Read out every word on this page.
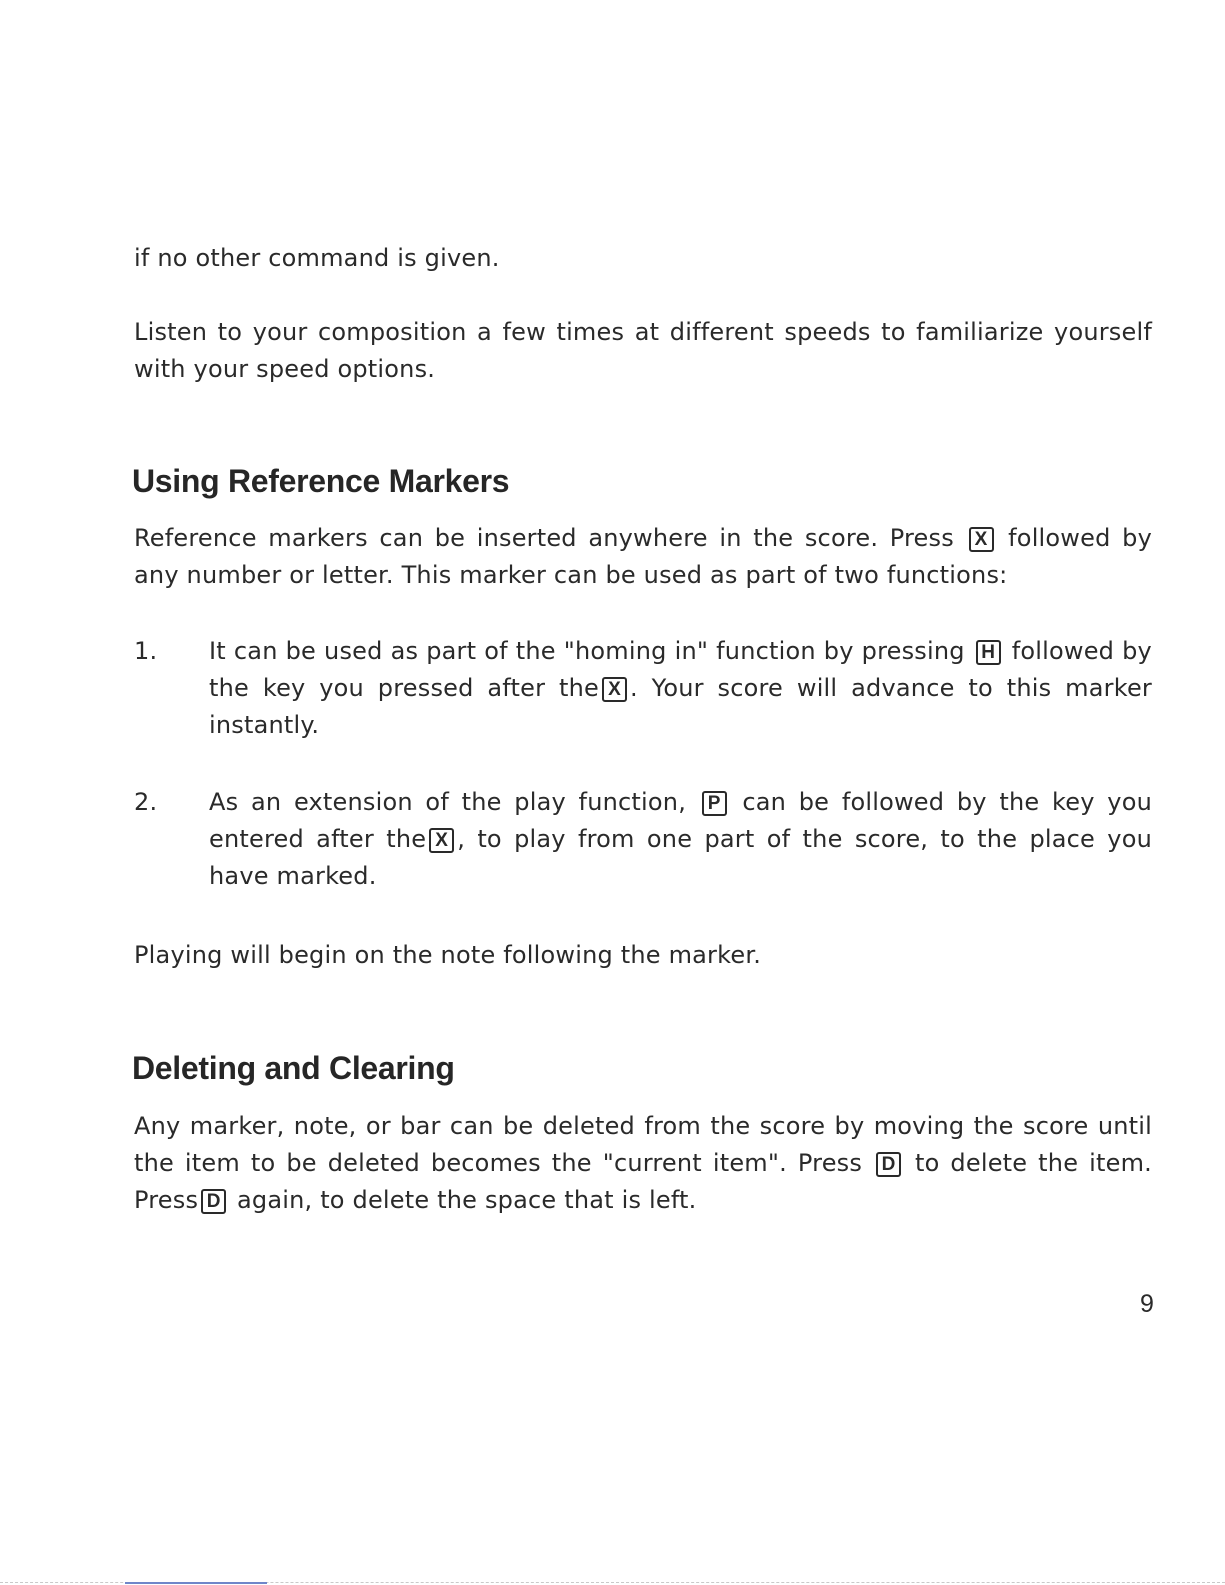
if no other command is given.

Listen to your composition a few times at different speeds to familiarize yourself with your speed options.

Using Reference Markers

Reference markers can be inserted anywhere in the score. Press X followed by any number or letter. This marker can be used as part of two functions:

1. It can be used as part of the "homing in" function by pressing H followed by the key you pressed after the X . Your score will advance to this marker instantly.
2. As an extension of the play function, P can be followed by the key you entered after the X , to play from one part of the score, to the place you have marked.

Playing will begin on the note following the marker.

Deleting and Clearing

Any marker, note, or bar can be deleted from the score by moving the score until the item to be deleted becomes the "current item". Press D to delete the item. Press D again, to delete the space that is left.

9
